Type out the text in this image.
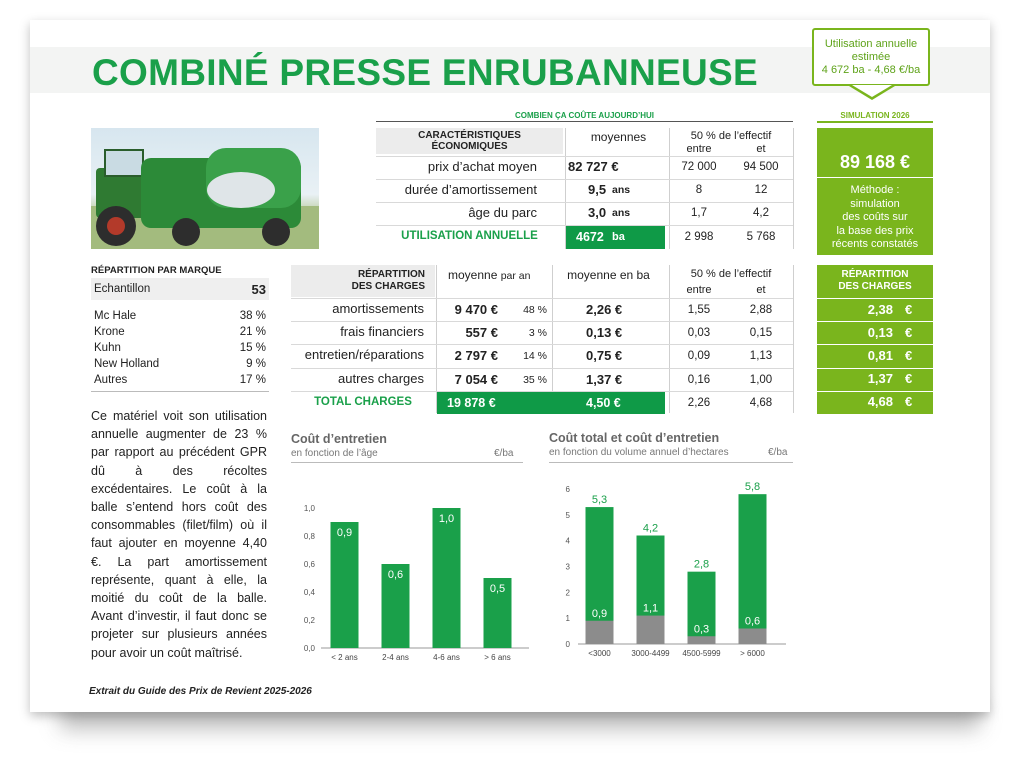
COMBINÉ PRESSE ENRUBANNEUSE
Utilisation annuelle
estimée
4 672 ba - 4,68 €/ba
COMBIEN ÇA COÛTE AUJOURD’HUI	SIMULATION 2026
RÉPARTITION PAR MARQUE
Echantillon	53
Mc Hale	38 %
Krone	21 %
Kuhn	15 %
New Holland	9 %
Autres	17 %
Ce matériel voit son utilisation annuelle augmenter de 23 % par rapport au précédent GPR dû à des récoltes excédentaires. Le coût à la balle s’entend hors coût des consommables (filet/film) où il faut ajouter en moyenne 4,40 €. La part amortissement représente, quant à elle, la moitié du coût de la balle. Avant d’investir, il faut donc se projeter sur plusieurs années pour avoir un coût maîtrisé.
CARACTÉRISTIQUES
ÉCONOMIQUES
moyennes	50 % de l’effectif
entre	et
prix d’achat moyen 82 727 €	72 000	94 500
durée d’amortissement	9,5 ans	8	12
âge du parc	3,0 ans	1,7	4,2
UTILISATION ANNUELLE	4672 ba	2 998	5 768
RÉPARTITION
DES CHARGES
moyenne par an	moyenne en ba	50 % de l’effectif
entre	et
amortissements	9 470 €	48 %	2,26 €	1,55	2,88
frais financiers	557 €	3 %	0,13 €	0,03	0,15
entretien/réparations	2 797 €	14 %	0,75 €	0,09	1,13
autres charges	7 054 €	35 %	1,37 €	0,16	1,00
TOTAL CHARGES	19 878 €	4,50 €	2,26	4,68
89 168 €
Méthode :
simulation
des coûts sur
la base des prix
récents constatés
RÉPARTITION
DES CHARGES
2,38 €
0,13 €
0,81 €
1,37 €
4,68 €
Coût d’entretien
en fonction de l’âge	€/ba
0,0
0,2
0,4
0,6
0,8
1,0
0,9
< 2 ans
0,6
2-4 ans
1,0
4-6 ans
0,5
> 6 ans
Coût total et coût d’entretien
en fonction du volume annuel d’hectares	€/ba
0
1
2
3
4
5
6
5,3
0,9
<3000
4,2
1,1
3000-4499
2,8
0,3
4500-5999
5,8
0,6
> 6000
Extrait du Guide des Prix de Revient 2025-2026
